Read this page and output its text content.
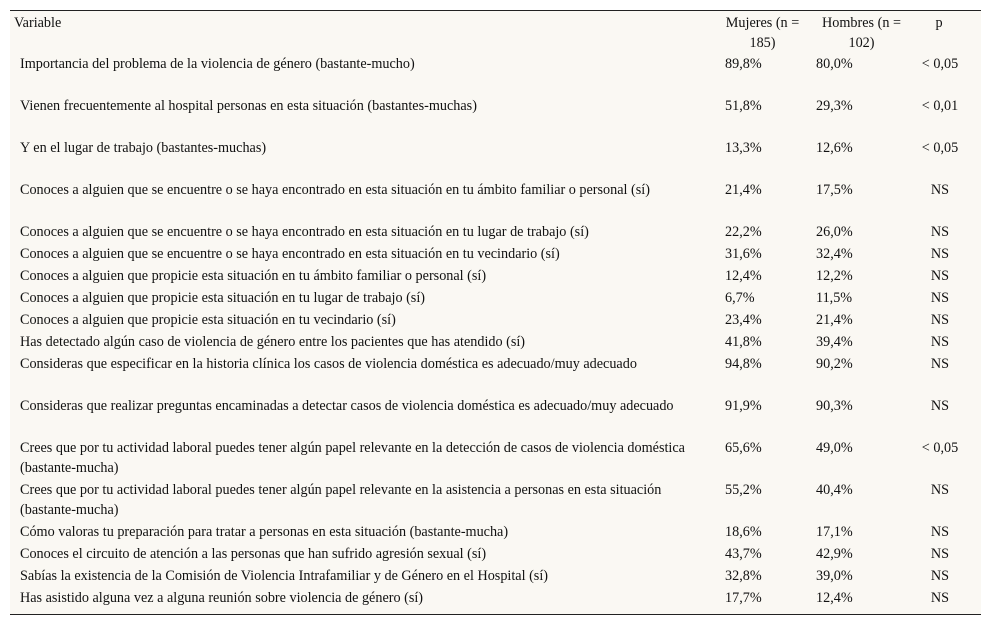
Variable	Mujeres (n = 185)	Hombres (n = 102)	p
Importancia del problema de la violencia de género (bastante-mucho)	89,8%	80,0%	< 0,05
Vienen frecuentemente al hospital personas en esta situación (bastantes-muchas)	51,8%	29,3%	< 0,01
Y en el lugar de trabajo (bastantes-muchas)	13,3%	12,6%	< 0,05
Conoces a alguien que se encuentre o se haya encontrado en esta situación en tu ámbito familiar o personal (sí)	21,4%	17,5%	NS
Conoces a alguien que se encuentre o se haya encontrado en esta situación en tu lugar de trabajo (sí)	22,2%	26,0%	NS
Conoces a alguien que se encuentre o se haya encontrado en esta situación en tu vecindario (sí)	31,6%	32,4%	NS
Conoces a alguien que propicie esta situación en tu ámbito familiar o personal (sí)	12,4%	12,2%	NS
Conoces a alguien que propicie esta situación en tu lugar de trabajo (sí)	6,7%	11,5%	NS
Conoces a alguien que propicie esta situación en tu vecindario (sí)	23,4%	21,4%	NS
Has detectado algún caso de violencia de género entre los pacientes que has atendido (sí)	41,8%	39,4%	NS
Consideras que especificar en la historia clínica los casos de violencia doméstica es adecuado/muy adecuado	94,8%	90,2%	NS
Consideras que realizar preguntas encaminadas a detectar casos de violencia doméstica es adecuado/muy adecuado	91,9%	90,3%	NS
Crees que por tu actividad laboral puedes tener algún papel relevante en la detección de casos de violencia doméstica (bastante-mucha)	65,6%	49,0%	< 0,05
Crees que por tu actividad laboral puedes tener algún papel relevante en la asistencia a personas en esta situación (bastante-mucha)	55,2%	40,4%	NS
Cómo valoras tu preparación para tratar a personas en esta situación (bastante-mucha)	18,6%	17,1%	NS
Conoces el circuito de atención a las personas que han sufrido agresión sexual (sí)	43,7%	42,9%	NS
Sabías la existencia de la Comisión de Violencia Intrafamiliar y de Género en el Hospital (sí)	32,8%	39,0%	NS
Has asistido alguna vez a alguna reunión sobre violencia de género (sí)	17,7%	12,4%	NS
